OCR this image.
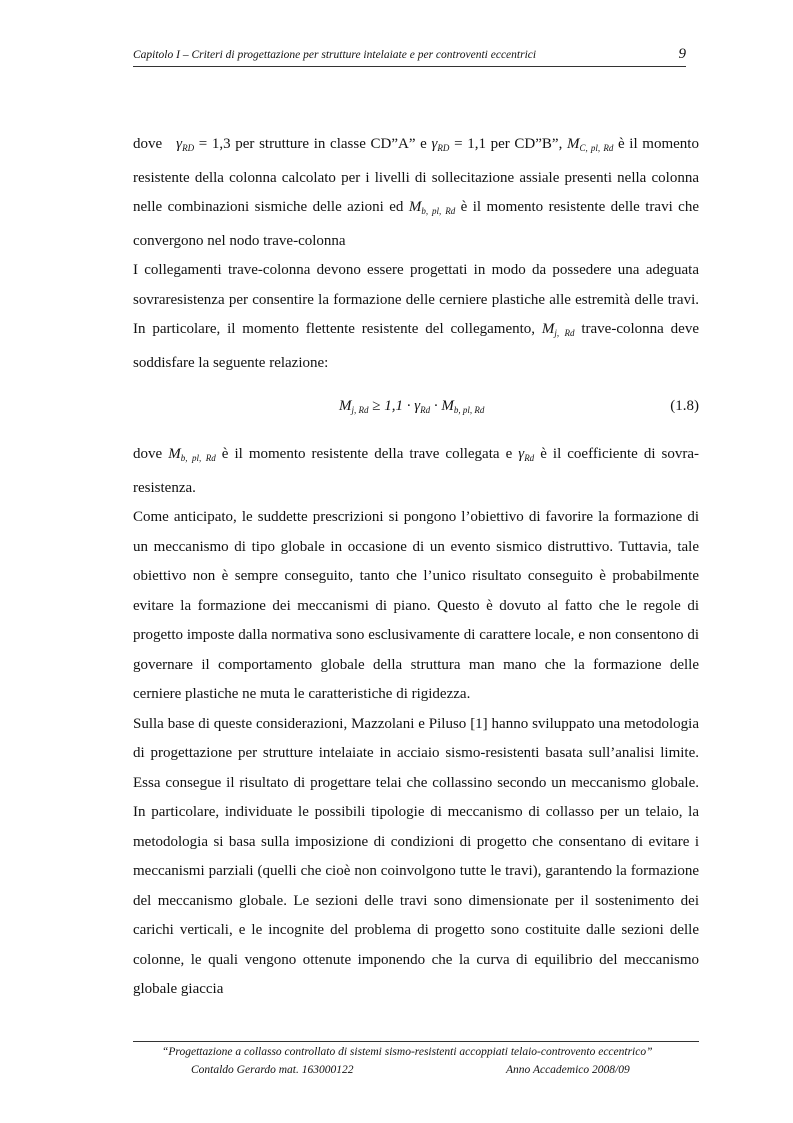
Capitolo I – Criteri di progettazione per strutture intelaiate e per controventi eccentrici	9

dove $\gamma_{RD} = 1,3$ per strutture in classe CD”A” e $\gamma_{RD} = 1,1$ per CD”B”, $M_{C, pl, Rd}$ è il momento resistente della colonna calcolato per i livelli di sollecitazione assiale presenti nella colonna nelle combinazioni sismiche delle azioni ed $M_{b, pl, Rd}$ è il momento resistente delle travi che convergono nel nodo trave-colonna

I collegamenti trave-colonna devono essere progettati in modo da possedere una adeguata sovraresistenza per consentire la formazione delle cerniere plastiche alle estremità delle travi. In particolare, il momento flettente resistente del collegamento, $M_{j, Rd}$ trave-colonna deve soddisfare la seguente relazione:

$M_{j, Rd} \ge 1,1 \cdot \gamma_{Rd} \cdot M_{b, pl, Rd}$	(1.8)

dove $M_{b, pl, Rd}$ è il momento resistente della trave collegata e $\gamma_{Rd}$ è il coefficiente di sovra-resistenza.

Come anticipato, le suddette prescrizioni si pongono l’obiettivo di favorire la formazione di un meccanismo di tipo globale in occasione di un evento sismico distruttivo. Tuttavia, tale obiettivo non è sempre conseguito, tanto che l’unico risultato conseguito è probabilmente evitare la formazione dei meccanismi di piano. Questo è dovuto al fatto che le regole di progetto imposte dalla normativa sono esclusivamente di carattere locale, e non consentono di governare il comportamento globale della struttura man mano che la formazione delle cerniere plastiche ne muta le caratteristiche di rigidezza.

Sulla base di queste considerazioni, Mazzolani e Piluso [1] hanno sviluppato una metodologia di progettazione per strutture intelaiate in acciaio sismo-resistenti basata sull’analisi limite. Essa consegue il risultato di progettare telai che collassino secondo un meccanismo globale. In particolare, individuate le possibili tipologie di meccanismo di collasso per un telaio, la metodologia si basa sulla imposizione di condizioni di progetto che consentano di evitare i meccanismi parziali (quelli che cioè non coinvolgono tutte le travi), garantendo la formazione del meccanismo globale. Le sezioni delle travi sono dimensionate per il sostenimento dei carichi verticali, e le incognite del problema di progetto sono costituite dalle sezioni delle colonne, le quali vengono ottenute imponendo che la curva di equilibrio del meccanismo globale giaccia

“Progettazione a collasso controllato di sistemi sismo-resistenti accoppiati telaio-controvento eccentrico”
Contaldo Gerardo mat. 163000122	Anno Accademico 2008/09
